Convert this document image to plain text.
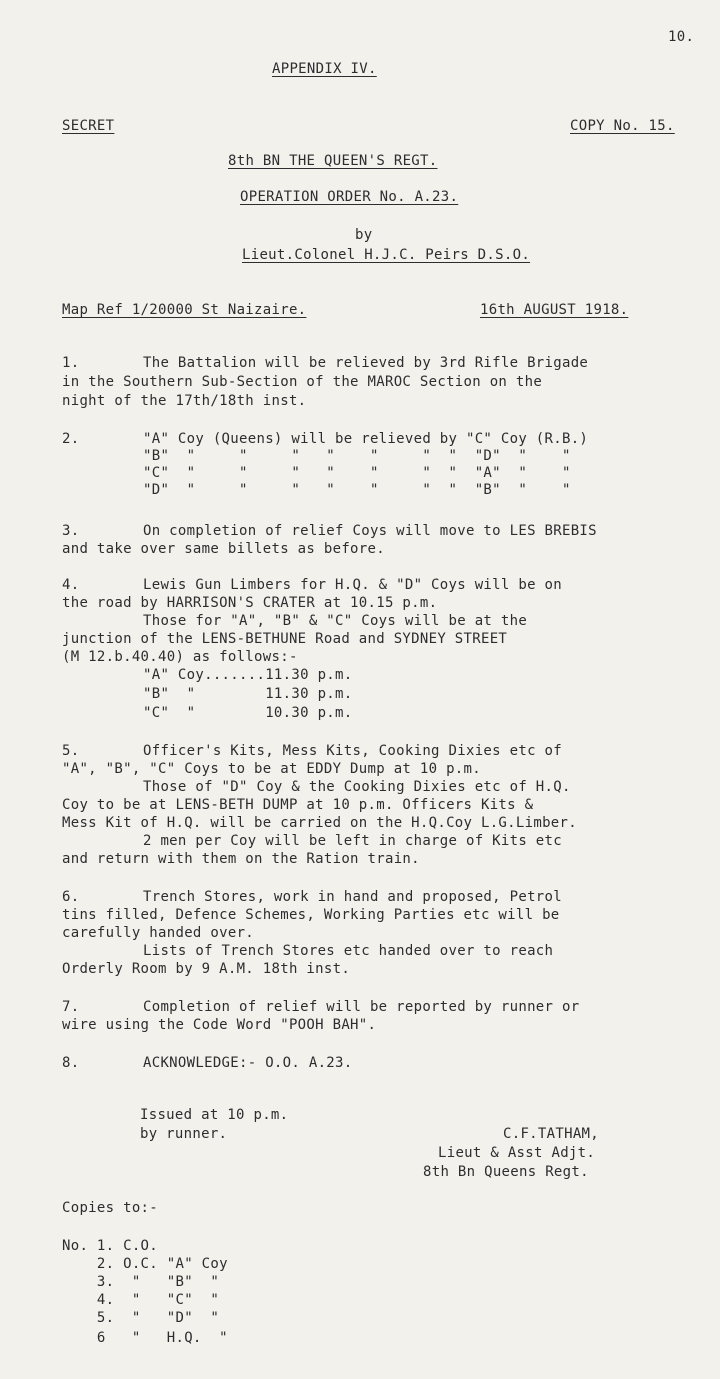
10.
APPENDIX IV.
SECRET	COPY No. 15.
8th BN THE QUEEN'S REGT.
OPERATION ORDER No. A.23.
by
Lieut.Colonel H.J.C. Peirs D.S.O.
Map Ref 1/20000 St Naizaire.	16th AUGUST 1918.
1.	The Battalion will be relieved by 3rd Rifle Brigade
in the Southern Sub-Section of the MAROC Section on the
night of the 17th/18th inst.
2.	"A" Coy (Queens) will be relieved by "C" Coy (R.B.)
"B"  "     "     "   "    "     "  "  "D"  "    "
"C"  "     "     "   "    "     "  "  "A"  "    "
"D"  "     "     "   "    "     "  "  "B"  "    "
3.	On completion of relief Coys will move to LES BREBIS
and take over same billets as before.
4.	Lewis Gun Limbers for H.Q. & "D" Coys will be on
the road by HARRISON'S CRATER at 10.15 p.m.
Those for "A", "B" & "C" Coys will be at the
junction of the LENS-BETHUNE Road and SYDNEY STREET
(M 12.b.40.40) as follows:-
"A" Coy.......11.30 p.m.
"B"  "        11.30 p.m.
"C"  "        10.30 p.m.
5.	Officer's Kits, Mess Kits, Cooking Dixies etc of
"A", "B", "C" Coys to be at EDDY Dump at 10 p.m.
Those of "D" Coy & the Cooking Dixies etc of H.Q.
Coy to be at LENS-BETH DUMP at 10 p.m. Officers Kits &
Mess Kit of H.Q. will be carried on the H.Q.Coy L.G.Limber.
2 men per Coy will be left in charge of Kits etc
and return with them on the Ration train.
6.	Trench Stores, work in hand and proposed, Petrol
tins filled, Defence Schemes, Working Parties etc will be
carefully handed over.
Lists of Trench Stores etc handed over to reach
Orderly Room by 9 A.M. 18th inst.
7.	Completion of relief will be reported by runner or
wire using the Code Word "POOH BAH".
8.	ACKNOWLEDGE:- O.O. A.23.
Issued at 10 p.m.
by runner.	C.F.TATHAM,
Lieut & Asst Adjt.
8th Bn Queens Regt.
Copies to:-
No. 1. C.O.
2. O.C. "A" Coy
3.  "   "B"  "
4.  "   "C"  "
5.  "   "D"  "
6   "   H.Q.  "
